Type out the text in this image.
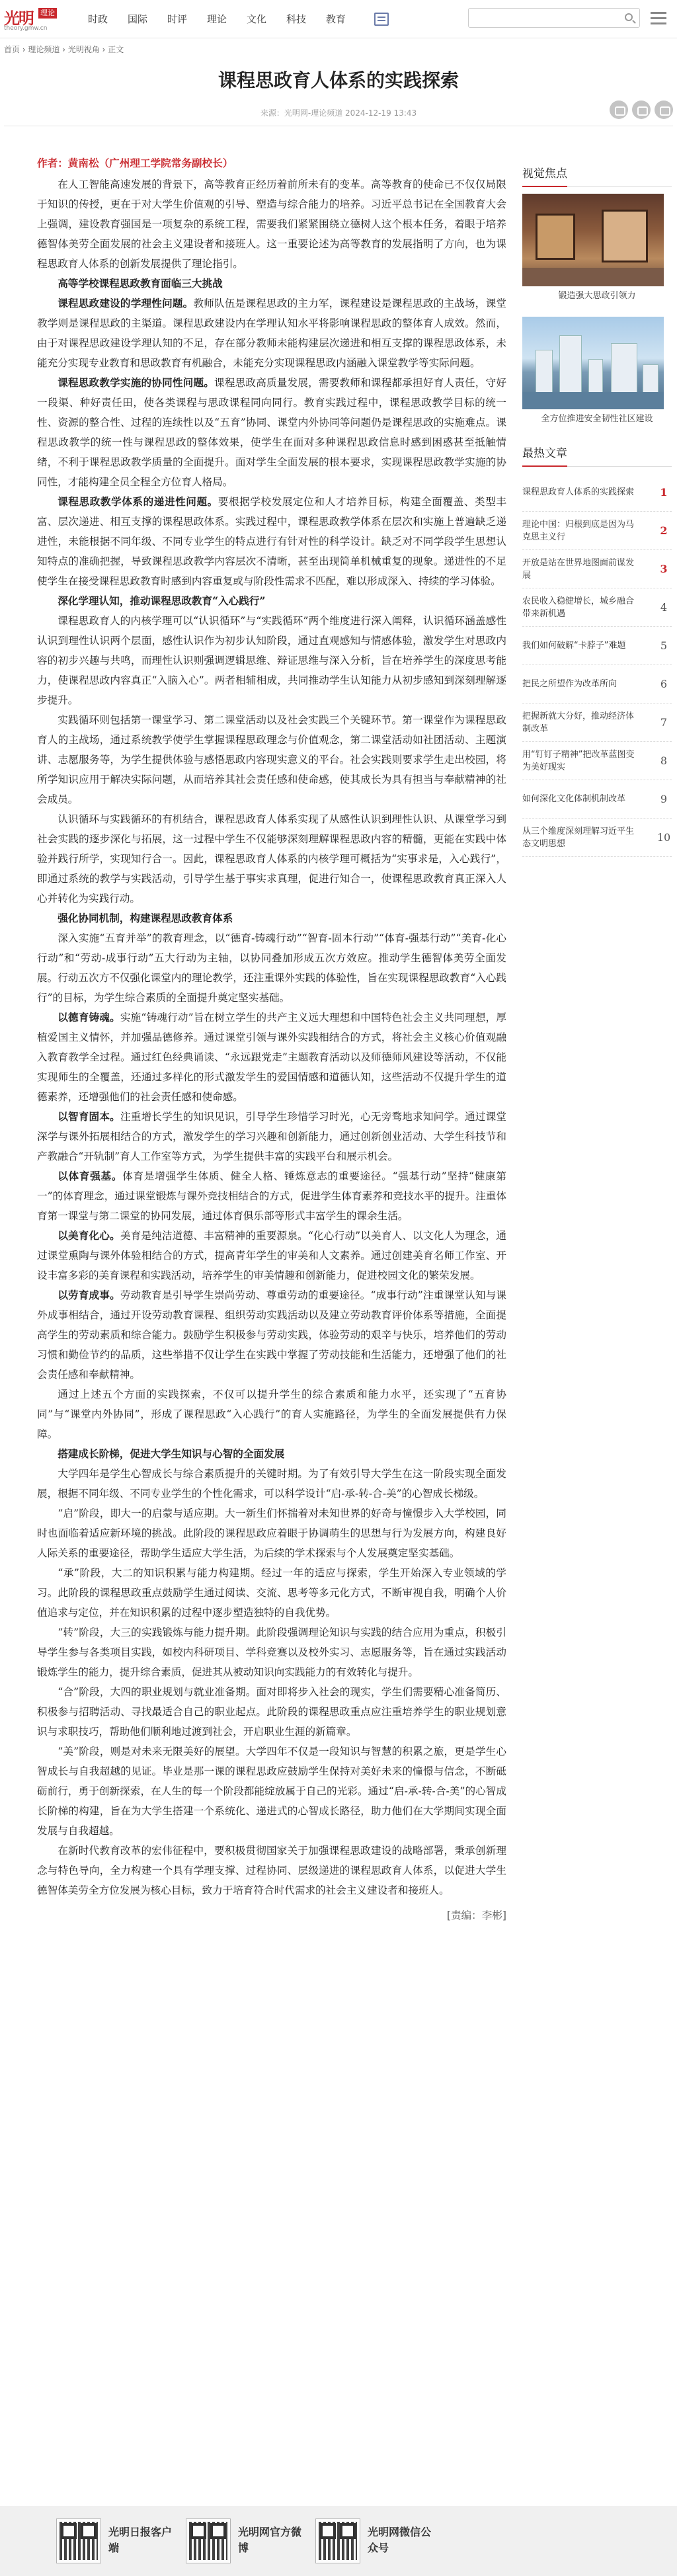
光明 理论
theory.gmw.cn
时政	国际	时评	理论	文化	科技	教育
首页 › 理论频道 › 光明视角 › 正文
课程思政育人体系的实践探索
来源：光明网-理论频道 2024-12-19 13:43

作者：黄南松（广州理工学院常务副校长）

在人工智能高速发展的背景下，高等教育正经历着前所未有的变革。高等教育的使命已不仅仅局限于知识的传授，更在于对大学生价值观的引导、塑造与综合能力的培养。习近平总书记在全国教育大会上强调，建设教育强国是一项复杂的系统工程，需要我们紧紧围绕立德树人这个根本任务，着眼于培养德智体美劳全面发展的社会主义建设者和接班人。这一重要论述为高等教育的发展指明了方向，也为课程思政育人体系的创新发展提供了理论指引。

高等学校课程思政教育面临三大挑战

课程思政建设的学理性问题。教师队伍是课程思政的主力军，课程建设是课程思政的主战场，课堂教学则是课程思政的主渠道。课程思政建设内在学理认知水平将影响课程思政的整体育人成效。然而，由于对课程思政建设学理认知的不足，存在部分教师未能构建层次递进和相互支撑的课程思政体系，未能充分实现专业教育和思政教育有机融合，未能充分实现课程思政内涵融入课堂教学等实际问题。

课程思政教学实施的协同性问题。课程思政高质量发展，需要教师和课程都承担好育人责任，守好一段渠、种好责任田，使各类课程与思政课程同向同行。教育实践过程中，课程思政教学目标的统一性、资源的整合性、过程的连续性以及“五育”协同、课堂内外协同等问题仍是课程思政的实施难点。课程思政教学的统一性与课程思政的整体效果，使学生在面对多种课程思政信息时感到困惑甚至抵触情绪，不利于课程思政教学质量的全面提升。面对学生全面发展的根本要求，实现课程思政教学实施的协同性，才能构建全员全程全方位育人格局。

课程思政教学体系的递进性问题。要根据学校发展定位和人才培养目标，构建全面覆盖、类型丰富、层次递进、相互支撑的课程思政体系。实践过程中，课程思政教学体系在层次和实施上普遍缺乏递进性，未能根据不同年级、不同专业学生的特点进行有针对性的科学设计。缺乏对不同学段学生思想认知特点的准确把握，导致课程思政教学内容层次不清晰，甚至出现简单机械重复的现象。递进性的不足使学生在接受课程思政教育时感到内容重复或与阶段性需求不匹配，难以形成深入、持续的学习体验。

深化学理认知，推动课程思政教育“入心践行”

课程思政育人的内核学理可以“认识循环”与“实践循环”两个维度进行深入阐释，认识循环涵盖感性认识到理性认识两个层面，感性认识作为初步认知阶段，通过直观感知与情感体验，激发学生对思政内容的初步兴趣与共鸣，而理性认识则强调逻辑思维、辩证思维与深入分析，旨在培养学生的深度思考能力，使课程思政内容真正“入脑入心”。两者相辅相成，共同推动学生认知能力从初步感知到深刻理解逐步提升。

实践循环则包括第一课堂学习、第二课堂活动以及社会实践三个关键环节。第一课堂作为课程思政育人的主战场，通过系统教学使学生掌握课程思政理念与价值观念，第二课堂活动如社团活动、主题演讲、志愿服务等，为学生提供体验与感悟思政内容现实意义的平台。社会实践则要求学生走出校园，将所学知识应用于解决实际问题，从而培养其社会责任感和使命感，使其成长为具有担当与奉献精神的社会成员。

认识循环与实践循环的有机结合，课程思政育人体系实现了从感性认识到理性认识、从课堂学习到社会实践的逐步深化与拓展，这一过程中学生不仅能够深刻理解课程思政内容的精髓，更能在实践中体验并践行所学，实现知行合一。因此，课程思政育人体系的内核学理可概括为“实事求是，入心践行”，即通过系统的教学与实践活动，引导学生基于事实求真理，促进行知合一，使课程思政教育真正深入人心并转化为实践行动。

强化协同机制，构建课程思政教育体系

深入实施“五育并举”的教育理念，以“德育-铸魂行动”“智育-固本行动”“体育-强基行动”“美育-化心行动”和“劳动-成事行动”五大行动为主轴，以协同叠加形成五次方效应。推动学生德智体美劳全面发展。行动五次方不仅强化课堂内的理论教学，还注重课外实践的体验性，旨在实现课程思政教育“入心践行”的目标，为学生综合素质的全面提升奠定坚实基础。

以德育铸魂。实施“铸魂行动”旨在树立学生的共产主义远大理想和中国特色社会主义共同理想，厚植爱国主义情怀，并加强品德修养。通过课堂引领与课外实践相结合的方式，将社会主义核心价值观融入教育教学全过程。通过红色经典诵读、“永远跟党走”主题教育活动以及师德师风建设等活动，不仅能实现师生的全覆盖，还通过多样化的形式激发学生的爱国情感和道德认知，这些活动不仅提升学生的道德素养，还增强他们的社会责任感和使命感。

以智育固本。注重增长学生的知识见识，引导学生珍惜学习时光，心无旁骛地求知问学。通过课堂深学与课外拓展相结合的方式，激发学生的学习兴趣和创新能力，通过创新创业活动、大学生科技节和产教融合“开轨制”育人工作室等方式，为学生提供丰富的实践平台和展示机会。

以体育强基。体育是增强学生体质、健全人格、锤炼意志的重要途径。“强基行动”坚持“健康第一”的体育理念，通过课堂锻炼与课外竞技相结合的方式，促进学生体育素养和竞技水平的提升。注重体育第一课堂与第二课堂的协同发展，通过体育俱乐部等形式丰富学生的课余生活。

以美育化心。美育是纯洁道德、丰富精神的重要源泉。“化心行动”以美育人、以文化人为理念，通过课堂熏陶与课外体验相结合的方式，提高青年学生的审美和人文素养。通过创建美育名师工作室、开设丰富多彩的美育课程和实践活动，培养学生的审美情趣和创新能力，促进校园文化的繁荣发展。

以劳育成事。劳动教育是引导学生崇尚劳动、尊重劳动的重要途径。“成事行动”注重课堂认知与课外成事相结合，通过开设劳动教育课程、组织劳动实践活动以及建立劳动教育评价体系等措施，全面提高学生的劳动素质和综合能力。鼓励学生积极参与劳动实践，体验劳动的艰辛与快乐，培养他们的劳动习惯和勤俭节约的品质，这些举措不仅让学生在实践中掌握了劳动技能和生活能力，还增强了他们的社会责任感和奉献精神。

通过上述五个方面的实践探索，不仅可以提升学生的综合素质和能力水平，还实现了“五育协同”与“课堂内外协同”，形成了课程思政“入心践行”的育人实施路径，为学生的全面发展提供有力保障。

搭建成长阶梯，促进大学生知识与心智的全面发展

大学四年是学生心智成长与综合素质提升的关键时期。为了有效引导大学生在这一阶段实现全面发展，根据不同年级、不同专业学生的个性化需求，可以科学设计“启-承-转-合-美”的心智成长梯级。

“启”阶段，即大一的启蒙与适应期。大一新生们怀揣着对未知世界的好奇与憧憬步入大学校园，同时也面临着适应新环境的挑战。此阶段的课程思政应着眼于协调萌生的思想与行为发展方向，构建良好人际关系的重要途径，帮助学生适应大学生活，为后续的学术探索与个人发展奠定坚实基础。

“承”阶段，大二的知识积累与能力构建期。经过一年的适应与探索，学生开始深入专业领域的学习。此阶段的课程思政重点鼓励学生通过阅读、交流、思考等多元化方式，不断审视自我，明确个人价值追求与定位，并在知识积累的过程中逐步塑造独特的自我优势。

“转”阶段，大三的实践锻炼与能力提升期。此阶段强调理论知识与实践的结合应用为重点，积极引导学生参与各类项目实践，如校内科研项目、学科竞赛以及校外实习、志愿服务等，旨在通过实践活动锻炼学生的能力，提升综合素质，促进其从被动知识向实践能力的有效转化与提升。

“合”阶段，大四的职业规划与就业准备期。面对即将步入社会的现实，学生们需要精心准备简历、积极参与招聘活动、寻找最适合自己的职业起点。此阶段的课程思政重点应注重培养学生的职业规划意识与求职技巧，帮助他们顺利地过渡到社会，开启职业生涯的新篇章。

“美”阶段，则是对未来无限美好的展望。大学四年不仅是一段知识与智慧的积累之旅，更是学生心智成长与自我超越的见证。毕业是那一课的课程思政应鼓励学生保持对美好未来的憧憬与信念，不断砥砺前行，勇于创新探索，在人生的每一个阶段都能绽放属于自己的光彩。通过“启-承-转-合-美”的心智成长阶梯的构建，旨在为大学生搭建一个系统化、递进式的心智成长路径，助力他们在大学期间实现全面发展与自我超越。

在新时代教育改革的宏伟征程中，要积极贯彻国家关于加强课程思政建设的战略部署，秉承创新理念与特色导向，全力构建一个具有学理支撑、过程协同、层级递进的课程思政育人体系，以促进大学生德智体美劳全方位发展为核心目标，致力于培育符合时代需求的社会主义建设者和接班人。

[责编：李彬]

视觉焦点
锻造强大思政引领力
全方位推进安全韧性社区建设
最热文章
课程思政育人体系的实践探索	1
理论中国：归根到底是因为马克思主义行	2
开放是站在世界地图面前谋发展	3
农民收入稳健增长，城乡融合带来新机遇	4
我们如何破解“卡脖子”难题	5
把民之所望作为改革所向	6
把握新就大分好，推动经济体制改革	7
用“钉钉子精神”把改革蓝图变为美好现实	8
如何深化文化体制机制改革	9
从三个维度深刻理解习近平生态文明思想	10
光明日报客户端
光明网官方微博
光明网微信公众号
